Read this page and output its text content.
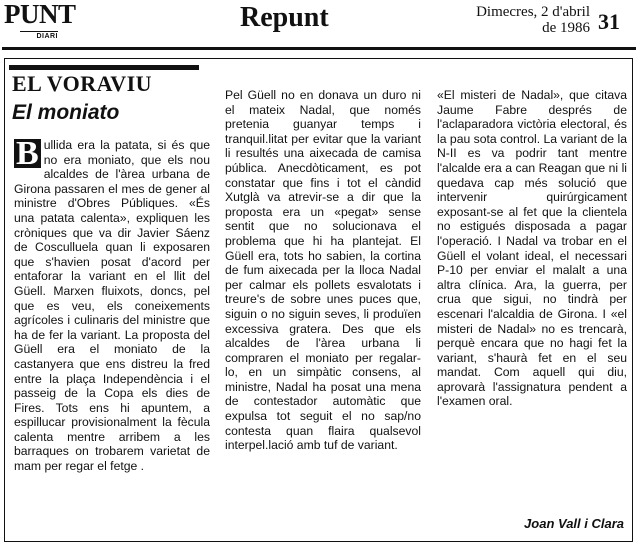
PUNT
DIARI
Repunt	Dimecres, 2 d'abril
de 1986 31
EL VORAVIU
El moniato

B ullida era la patata, si és que no era moniato, que els nou alcaldes de l'àrea urbana de Girona passaren el mes de gener al ministre d'Obres Públiques. «És una patata calenta», expliquen les cròniques que va dir Javier Sáenz de Cosculluela quan li exposaren que s'havien posat d'acord per entaforar la variant en el llit del Güell. Marxen fluixots, doncs, pel que es veu, els coneixements agrícoles i culinaris del ministre que ha de fer la variant. La proposta del Güell era el moniato de la castanyera que ens distreu la fred entre la plaça Independència i el passeig de la Copa els dies de Fires. Tots ens hi apuntem, a espillucar provisionalment la fècula calenta mentre arribem a les barraques on trobarem varietat de mam per regar el fetge .

Pel Güell no en donava un duro ni el mateix Nadal, que només pretenia guanyar temps i tranquil.litat per evitar que la variant li resultés una aixecada de camisa pública. Anecdòticament, es pot constatar que fins i tot el càndid Xutglà va atrevir-se a dir que la proposta era un «pegat» sense sentit que no solucionava el problema que hi ha plantejat. El Güell era, tots ho sabien, la cortina de fum aixecada per la lloca Nadal per calmar els pollets esvalotats i treure's de sobre unes puces que, siguin o no siguin seves, li produïen excessiva gratera. Des que els alcaldes de l'àrea urbana li compraren el moniato per regalar-lo, en un simpàtic consens, al ministre, Nadal ha posat una mena de contestador automàtic que expulsa tot seguit el no sap/no contesta quan flaira qualsevol interpel.lació amb tuf de variant.

«El misteri de Nadal», que citava Jaume Fabre després de l'aclaparadora victòria electoral, és la pau sota control. La variant de la N-II es va podrir tant mentre l'alcalde era a can Reagan que ni li quedava cap més solució que intervenir quirúrgicament exposant-se al fet que la clientela no estigués disposada a pagar l'operació. I Nadal va trobar en el Güell el volant ideal, el necessari P-10 per enviar el malalt a una altra clínica. Ara, la guerra, per crua que sigui, no tindrà per escenari l'alcaldia de Girona. I «el misteri de Nadal» no es trencarà, perquè encara que no hagi fet la variant, s'haurà fet en el seu mandat. Com aquell qui diu, aprovarà l'assignatura pendent a l'examen oral.

Joan Vall i Clara
